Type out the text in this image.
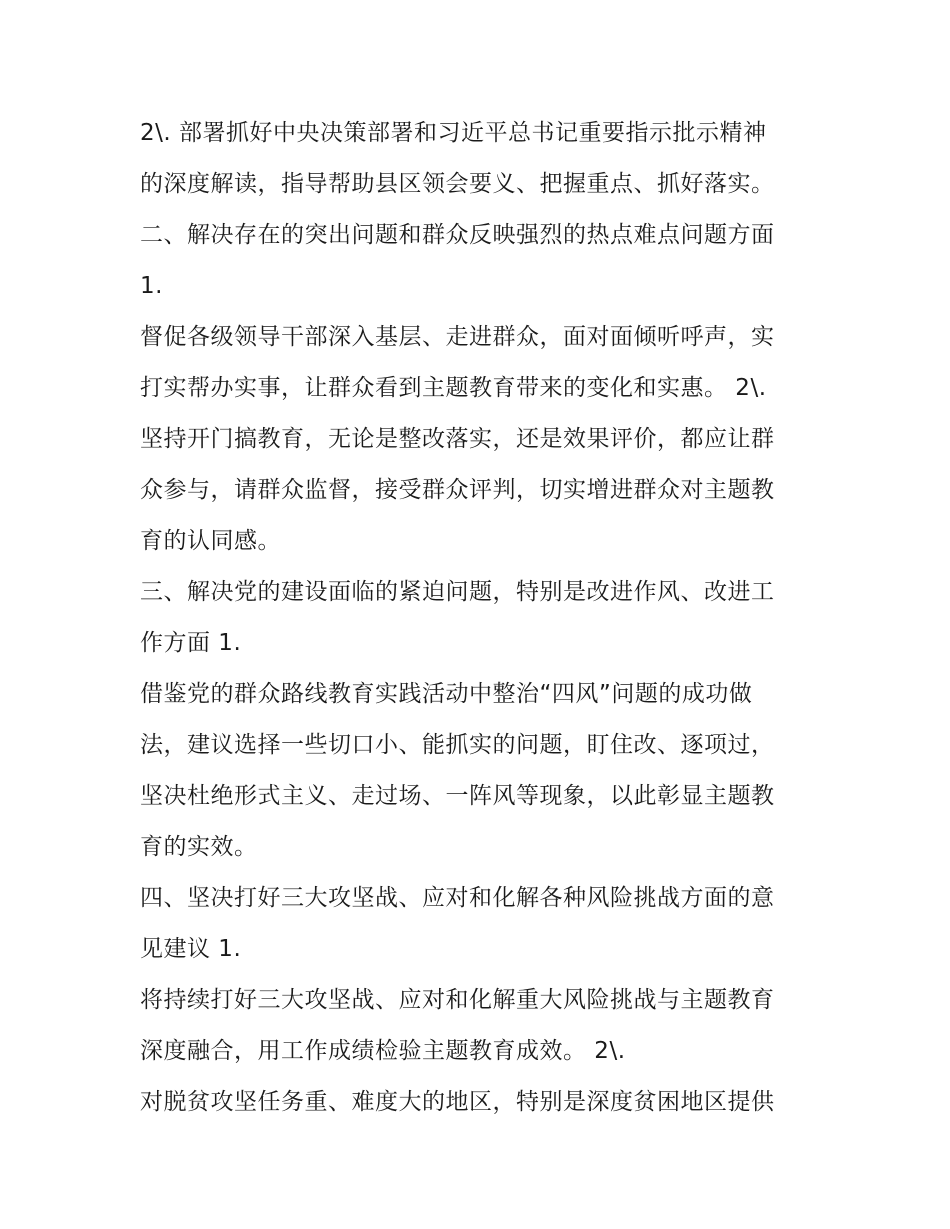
2\. 部署抓好中央决策部署和习近平总书记重要指示批示精神
的深度解读，指导帮助县区领会要义、把握重点、抓好落实。
二、解决存在的突出问题和群众反映强烈的热点难点问题方面
1.
督促各级领导干部深入基层、走进群众，面对面倾听呼声，实
打实帮办实事，让群众看到主题教育带来的变化和实惠。 2\.
坚持开门搞教育，无论是整改落实，还是效果评价，都应让群
众参与，请群众监督，接受群众评判，切实增进群众对主题教
育的认同感。
三、解决党的建设面临的紧迫问题，特别是改进作风、改进工
作方面 1.
借鉴党的群众路线教育实践活动中整治“四风”问题的成功做
法，建议选择一些切口小、能抓实的问题，盯住改、逐项过，
坚决杜绝形式主义、走过场、一阵风等现象，以此彰显主题教
育的实效。
四、坚决打好三大攻坚战、应对和化解各种风险挑战方面的意
见建议 1.
将持续打好三大攻坚战、应对和化解重大风险挑战与主题教育
深度融合，用工作成绩检验主题教育成效。 2\.
对脱贫攻坚任务重、难度大的地区，特别是深度贫困地区提供
